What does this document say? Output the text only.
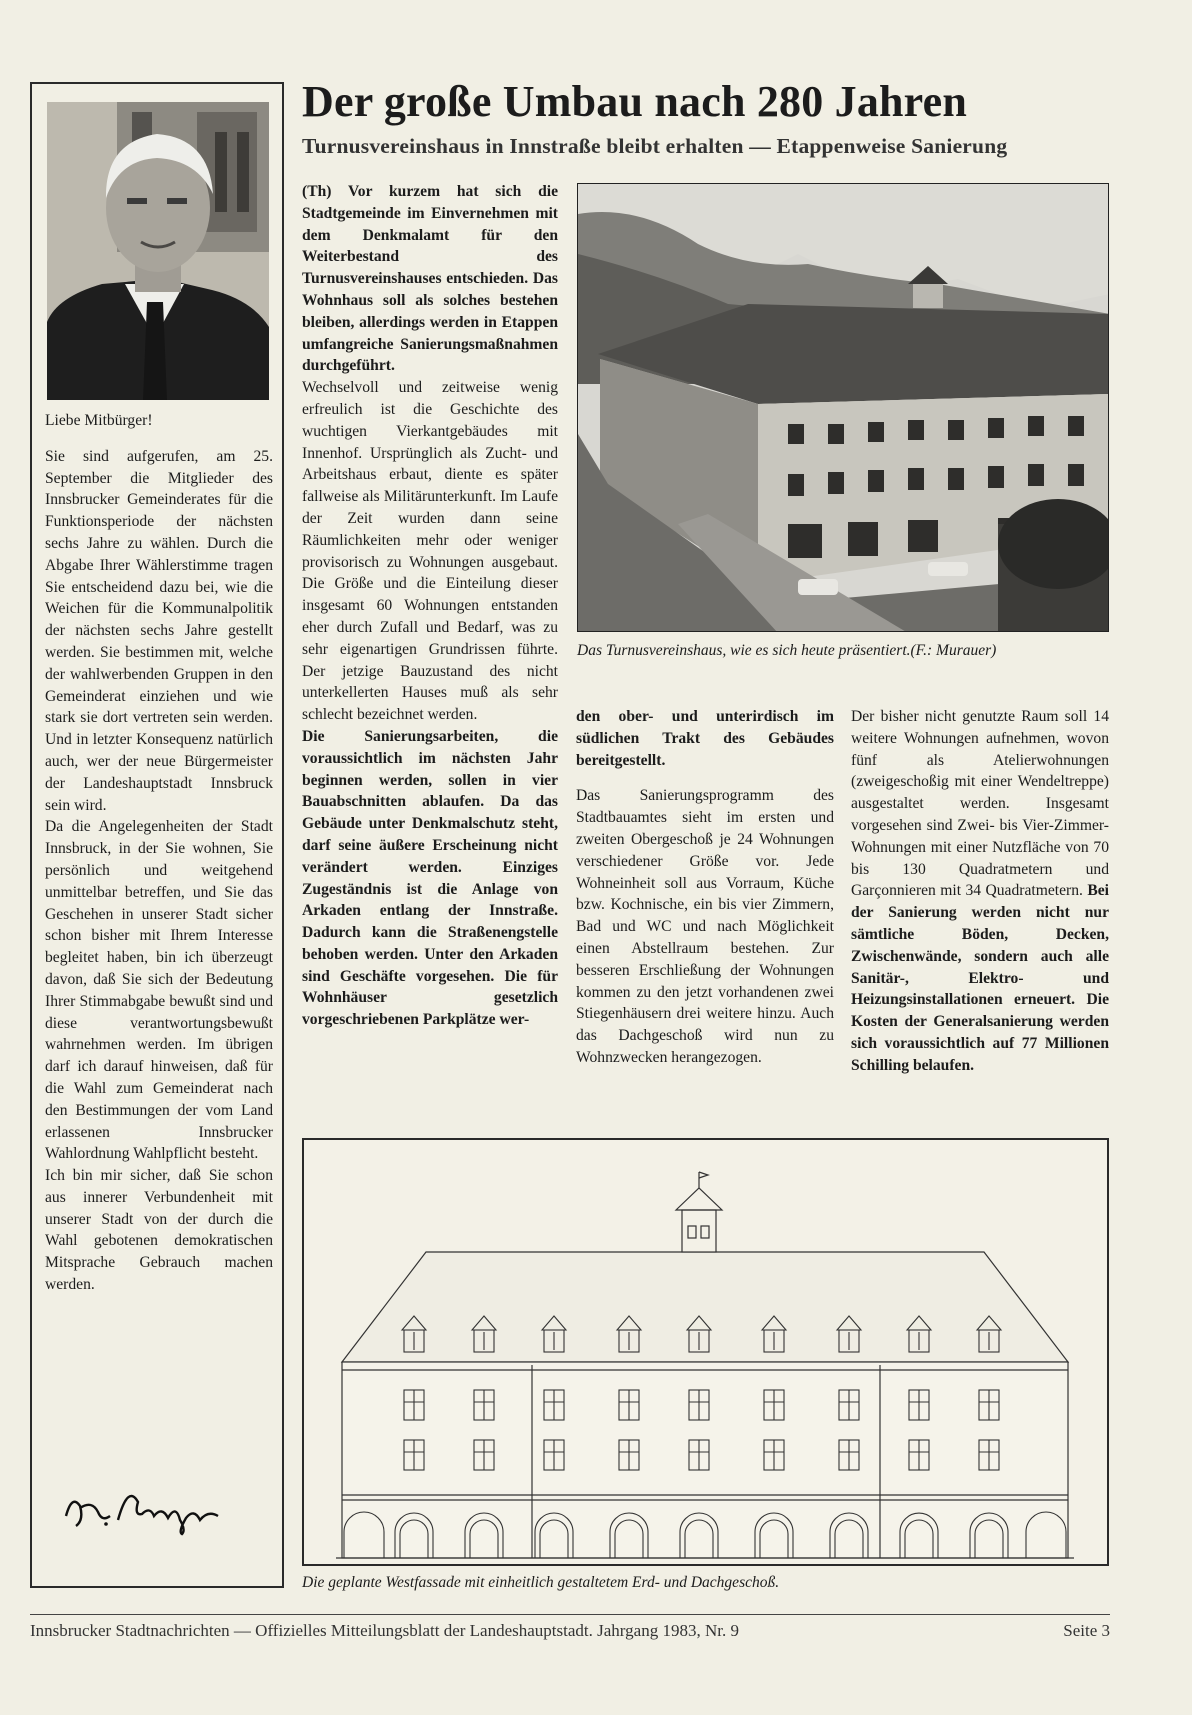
Liebe Mitbürger!

Sie sind aufgerufen, am 25. September die Mitglieder des Innsbrucker Gemeinderates für die Funktionsperiode der nächsten sechs Jahre zu wählen. Durch die Abgabe Ihrer Wählerstimme tragen Sie entscheidend dazu bei, wie die Weichen für die Kommunalpolitik der nächsten sechs Jahre gestellt werden. Sie bestimmen mit, welche der wahlwerbenden Gruppen in den Gemeinderat einziehen und wie stark sie dort vertreten sein werden. Und in letzter Konsequenz natürlich auch, wer der neue Bürgermeister der Landeshauptstadt Innsbruck sein wird.

Da die Angelegenheiten der Stadt Innsbruck, in der Sie wohnen, Sie persönlich und weitgehend unmittelbar betreffen, und Sie das Geschehen in unserer Stadt sicher schon bisher mit Ihrem Interesse begleitet haben, bin ich überzeugt davon, daß Sie sich der Bedeutung Ihrer Stimmabgabe bewußt sind und diese verantwortungsbewußt wahrnehmen werden. Im übrigen darf ich darauf hinweisen, daß für die Wahl zum Gemeinderat nach den Bestimmungen der vom Land erlassenen Innsbrucker Wahlordnung Wahlpflicht besteht.

Ich bin mir sicher, daß Sie schon aus innerer Verbundenheit mit unserer Stadt von der durch die Wahl gebotenen demokratischen Mitsprache Gebrauch machen werden.

Der große Umbau nach 280 Jahren
Turnusvereinshaus in Innstraße bleibt erhalten — Etappenweise Sanierung

(Th) Vor kurzem hat sich die Stadtgemeinde im Einvernehmen mit dem Denkmalamt für den Weiterbestand des Turnusvereinshauses entschieden. Das Wohnhaus soll als solches bestehen bleiben, allerdings werden in Etappen umfangreiche Sanierungsmaßnahmen durchgeführt.

Wechselvoll und zeitweise wenig erfreulich ist die Geschichte des wuchtigen Vierkantgebäudes mit Innenhof. Ursprünglich als Zucht- und Arbeitshaus erbaut, diente es später fallweise als Militärunterkunft. Im Laufe der Zeit wurden dann seine Räumlichkeiten mehr oder weniger provisorisch zu Wohnungen ausgebaut. Die Größe und die Einteilung dieser insgesamt 60 Wohnungen entstanden eher durch Zufall und Bedarf, was zu sehr eigenartigen Grundrissen führte. Der jetzige Bauzustand des nicht unterkellerten Hauses muß als sehr schlecht bezeichnet werden.

Die Sanierungsarbeiten, die voraussichtlich im nächsten Jahr beginnen werden, sollen in vier Bauabschnitten ablaufen. Da das Gebäude unter Denkmalschutz steht, darf seine äußere Erscheinung nicht verändert werden. Einziges Zugeständnis ist die Anlage von Arkaden entlang der Innstraße. Dadurch kann die Straßenengstelle behoben werden. Unter den Arkaden sind Geschäfte vorgesehen. Die für Wohnhäuser gesetzlich vorgeschriebenen Parkplätze wer-

Das Turnusvereinshaus, wie es sich heute präsentiert.(F.: Murauer)

den ober- und unterirdisch im südlichen Trakt des Gebäudes bereitgestellt.

Das Sanierungsprogramm des Stadtbauamtes sieht im ersten und zweiten Obergeschoß je 24 Wohnungen verschiedener Größe vor. Jede Wohneinheit soll aus Vorraum, Küche bzw. Kochnische, ein bis vier Zimmern, Bad und WC und nach Möglichkeit einen Abstellraum bestehen. Zur besseren Erschließung der Wohnungen kommen zu den jetzt vorhandenen zwei Stiegenhäusern drei weitere hinzu. Auch das Dachgeschoß wird nun zu Wohnzwecken herangezogen.

Der bisher nicht genutzte Raum soll 14 weitere Wohnungen aufnehmen, wovon fünf als Atelierwohnungen (zweigeschoßig mit einer Wendeltreppe) ausgestaltet werden. Insgesamt vorgesehen sind Zwei- bis Vier-Zimmer-Wohnungen mit einer Nutzfläche von 70 bis 130 Quadratmetern und Garçonnieren mit 34 Quadratmetern. Bei der Sanierung werden nicht nur sämtliche Böden, Decken, Zwischenwände, sondern auch alle Sanitär-, Elektro- und Heizungsinstallationen erneuert. Die Kosten der Generalsanierung werden sich voraussichtlich auf 77 Millionen Schilling belaufen.

Die geplante Westfassade mit einheitlich gestaltetem Erd- und Dachgeschoß.
Innsbrucker Stadtnachrichten — Offizielles Mitteilungsblatt der Landeshauptstadt. Jahrgang 1983, Nr. 9	Seite 3
